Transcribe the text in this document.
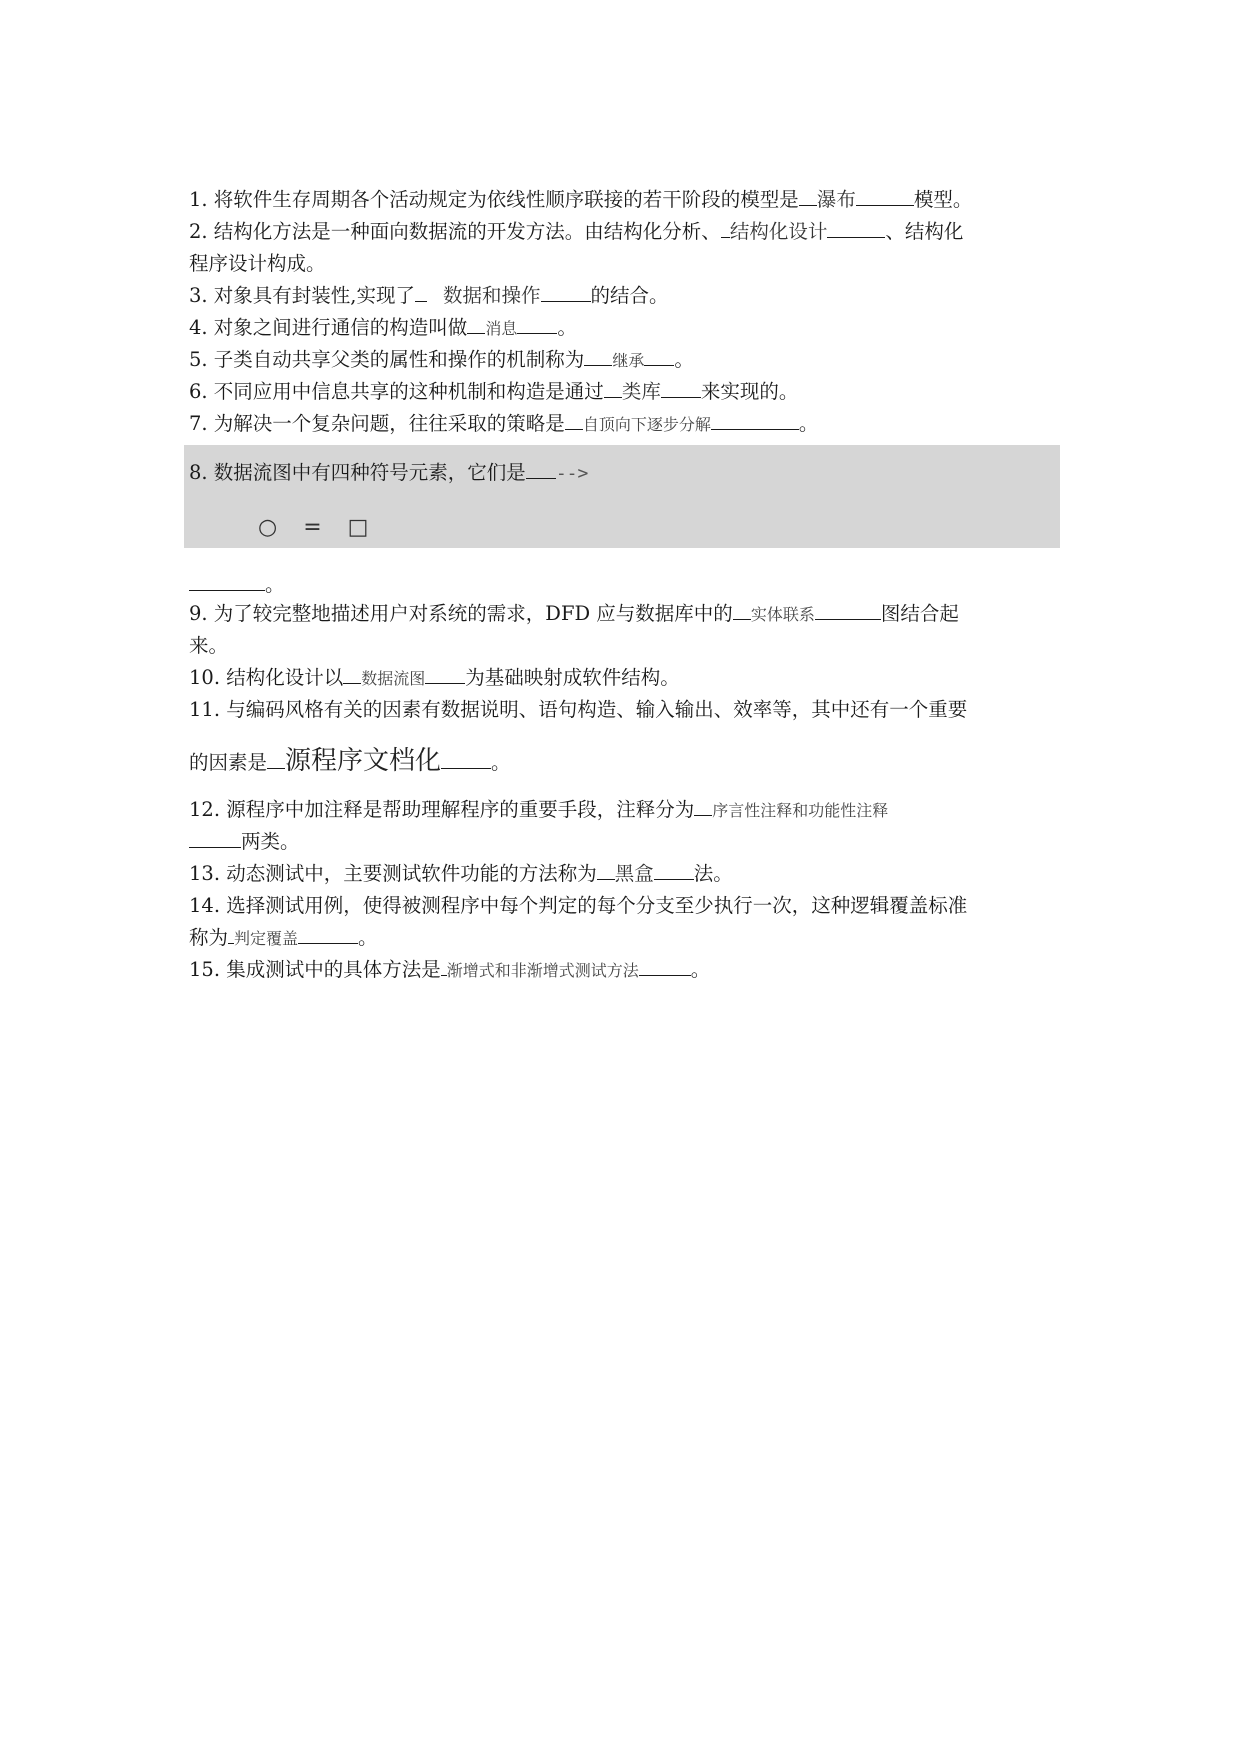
1. 将软件生存周期各个活动规定为依线性顺序联接的若干阶段的模型是 瀑布	模型。
2. 结构化方法是一种面向数据流的开发方法。由结构化分析、 结构化设计	、结构化
程序设计构成。
3. 对象具有封装性,实现了 数据和操作	的结合。
4. 对象之间进行通信的构造叫做 消息 。
5. 子类自动共享父类的属性和操作的机制称为 继承 。
6. 不同应用中信息共享的这种机制和构造是通过 类库 来实现的。
7. 为解决一个复杂问题，往往采取的策略是 自顶向下逐步分解	。
8. 数据流图中有四种符号元素，它们是 -->
○ = □
。
9. 为了较完整地描述用户对系统的需求，DFD 应与数据库中的 实体联系	图结合起
来。
10. 结构化设计以 数据流图 为基础映射成软件结构。
11. 与编码风格有关的因素有数据说明、语句构造、输入输出、效率等，其中还有一个重要
的因素是 源程序文档化	。
12. 源程序中加注释是帮助理解程序的重要手段，注释分为 序言性注释和功能性注释
两类。
13. 动态测试中，主要测试软件功能的方法称为 黑盒 法。
14. 选择测试用例，使得被测程序中每个判定的每个分支至少执行一次，这种逻辑覆盖标准
称为 判定覆盖	。
15. 集成测试中的具体方法是 渐增式和非渐增式测试方法	。
